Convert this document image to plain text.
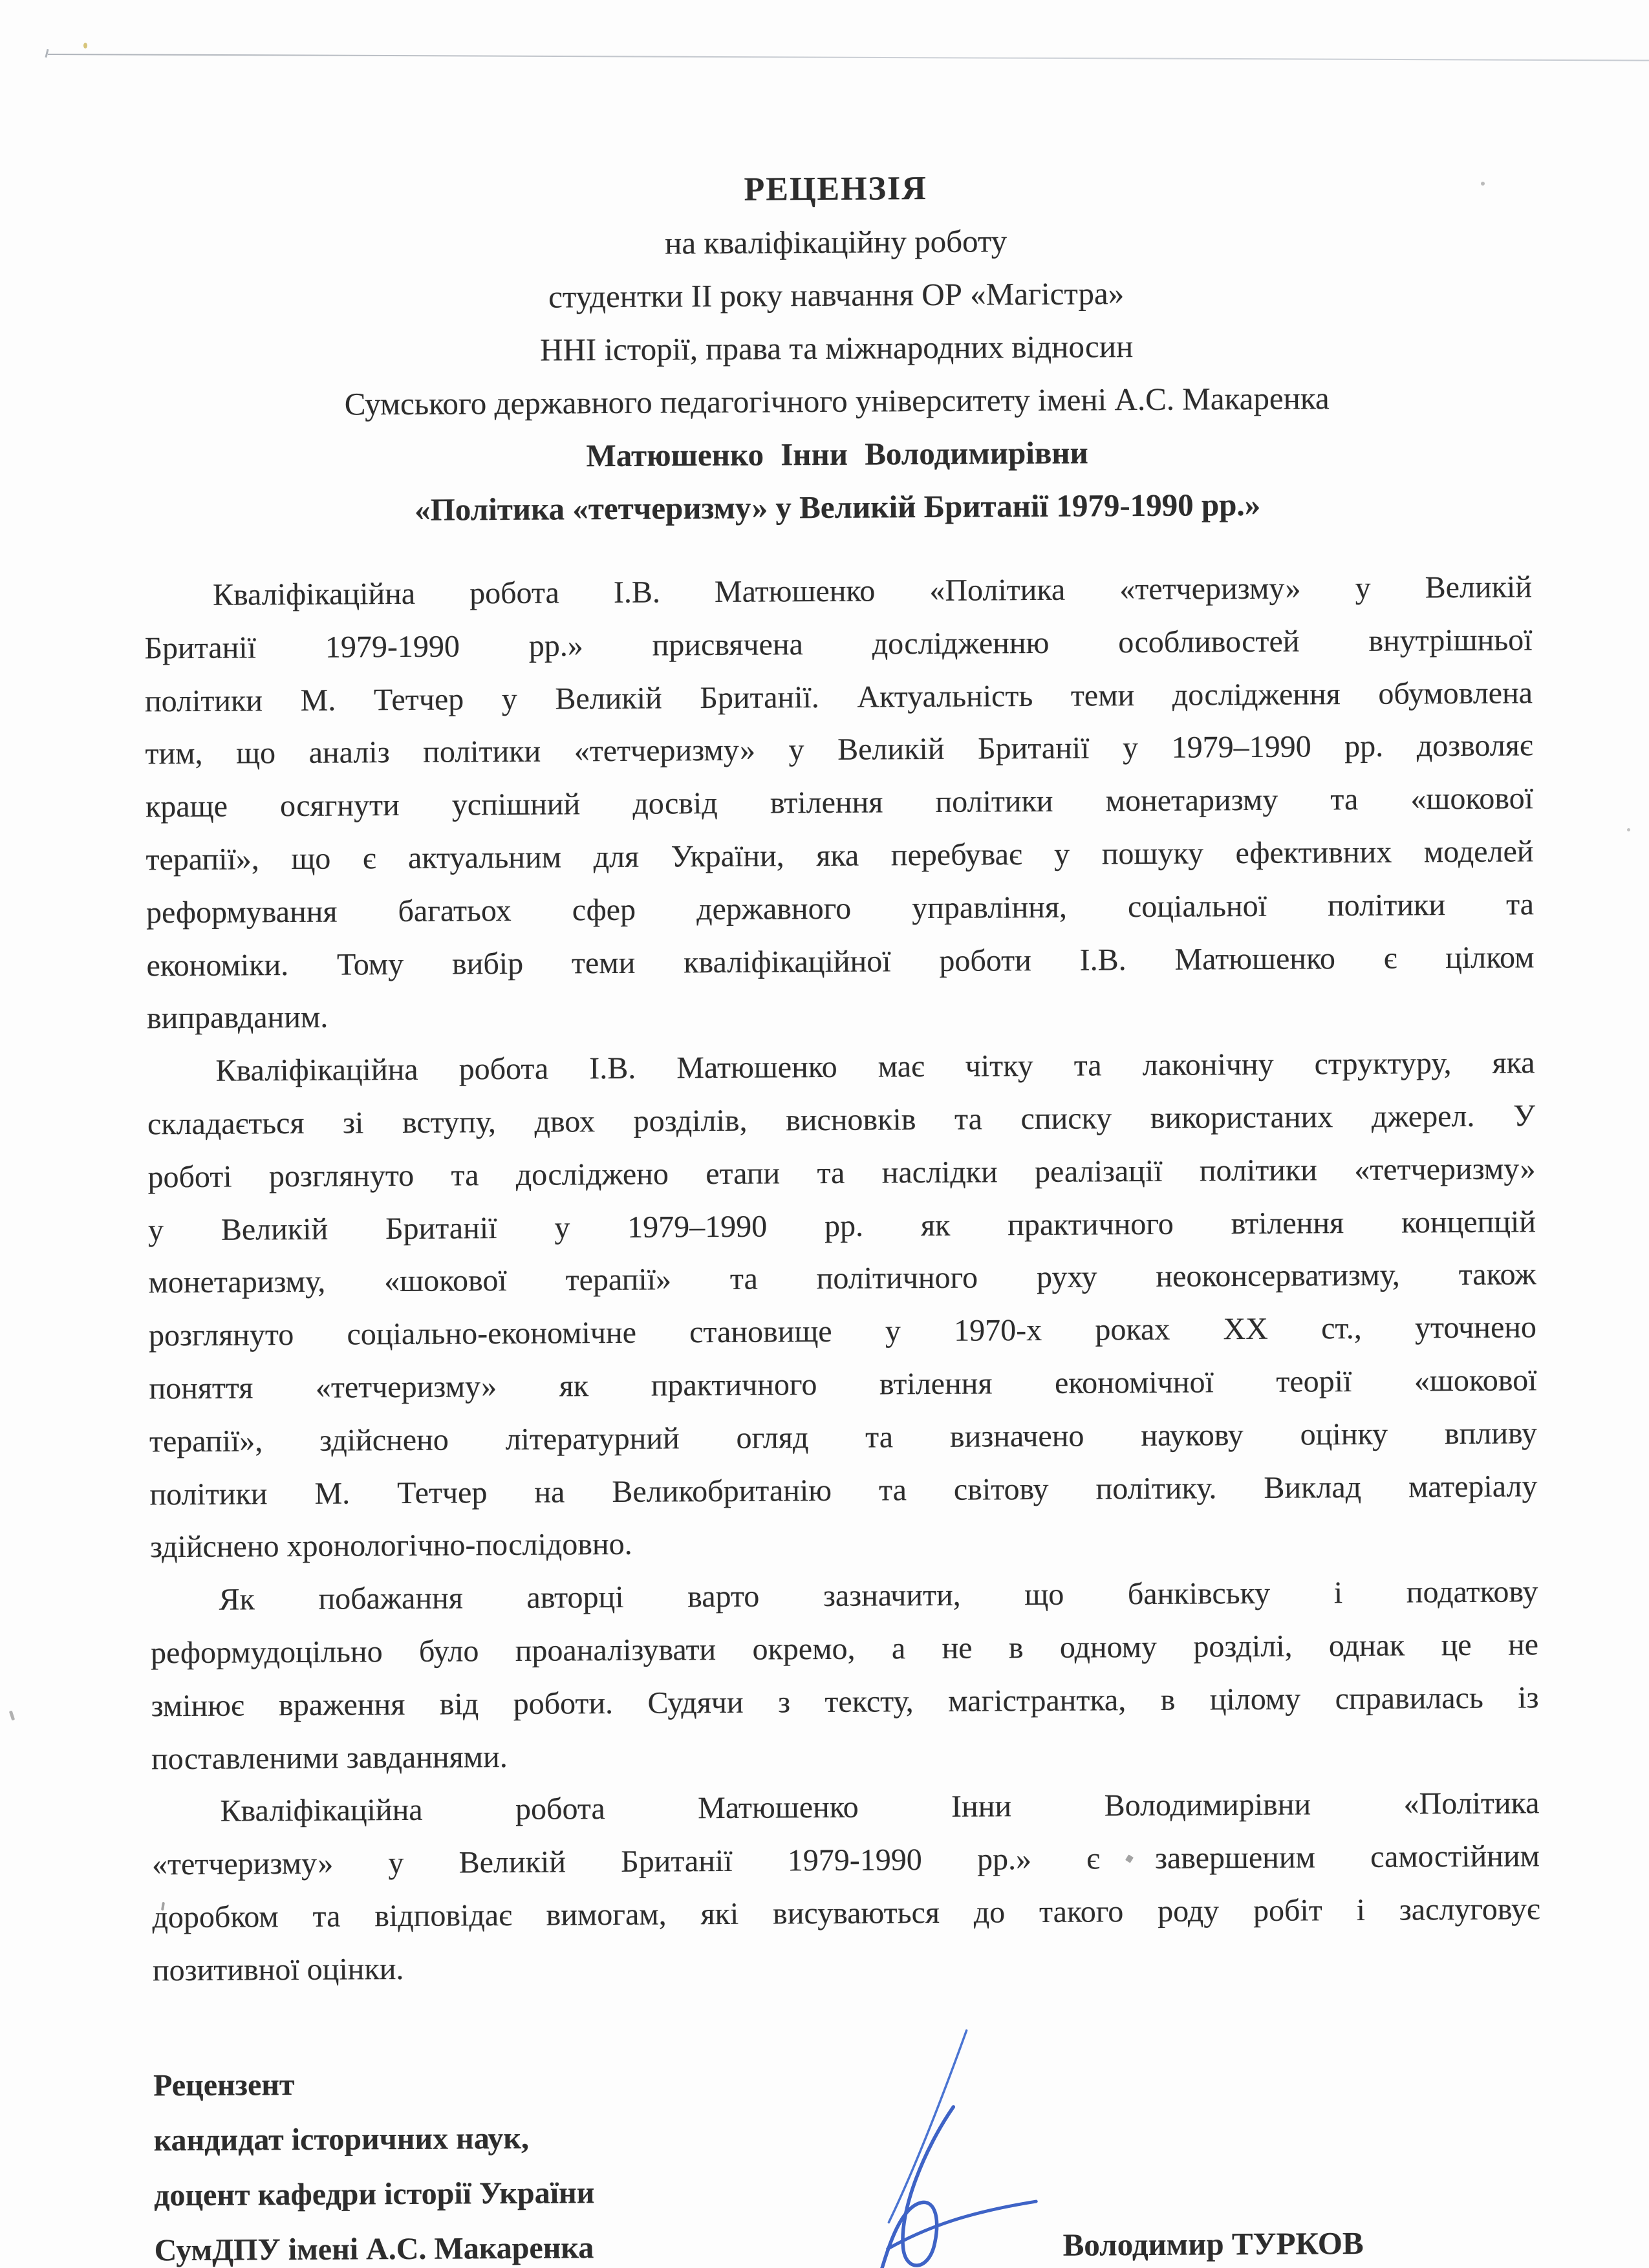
РЕЦЕНЗІЯ
на кваліфікаційну роботу
студентки ІІ року навчання ОР «Магістра»
ННІ історії, права та міжнародних відносин
Сумського державного педагогічного університету імені А.С. Макаренка
Матюшенко Інни Володимирівни
«Політика «тетчеризму» у Великій Британії 1979-1990 рр.»
Кваліфікаційна робота І.В. Матюшенко «Політика «тетчеризму» у Великій
Британії 1979-1990 рр.» присвячена дослідженню особливостей внутрішньої
політики М. Тетчер у Великій Британії. Актуальність теми дослідження обумовлена
тим, що аналіз політики «тетчеризму» у Великій Британії у 1979–1990 рр. дозволяє
краще осягнути успішний досвід втілення політики монетаризму та «шокової
терапії», що є актуальним для України, яка перебуває у пошуку ефективних моделей
реформування багатьох сфер державного управління, соціальної політики та
економіки. Тому вибір теми кваліфікаційної роботи І.В. Матюшенко є цілком
виправданим.
Кваліфікаційна робота І.В. Матюшенко має чітку та лаконічну структуру, яка
складається зі вступу, двох розділів, висновків та списку використаних джерел. У
роботі розглянуто та досліджено етапи та наслідки реалізації політики «тетчеризму»
у Великій Британії у 1979–1990 рр. як практичного втілення концепцій
монетаризму, «шокової терапії» та політичного руху неоконсерватизму, також
розглянуто соціально-економічне становище у 1970-х роках ХХ ст., уточнено
поняття «тетчеризму» як практичного втілення економічної теорії «шокової
терапії», здійснено літературний огляд та визначено наукову оцінку впливу
політики М. Тетчер на Великобританію та світову політику. Виклад матеріалу
здійснено хронологічно-послідовно.
Як побажання авторці варто зазначити, що банківську і податкову
реформудоцільно було проаналізувати окремо, а не в одному розділі, однак це не
змінює враження від роботи. Судячи з тексту, магістрантка, в цілому справилась із
поставленими завданнями.
Кваліфікаційна робота Матюшенко Інни Володимирівни «Політика
«тетчеризму» у Великій Британії 1979-1990 рр.» є завершеним самостійним
доробком та відповідає вимогам, які висуваються до такого роду робіт і заслуговує
позитивної оцінки.
Рецензент
кандидат історичних наук,
доцент кафедри історії України
СумДПУ імені А.С. Макаренка	Володимир ТУРКОВ
